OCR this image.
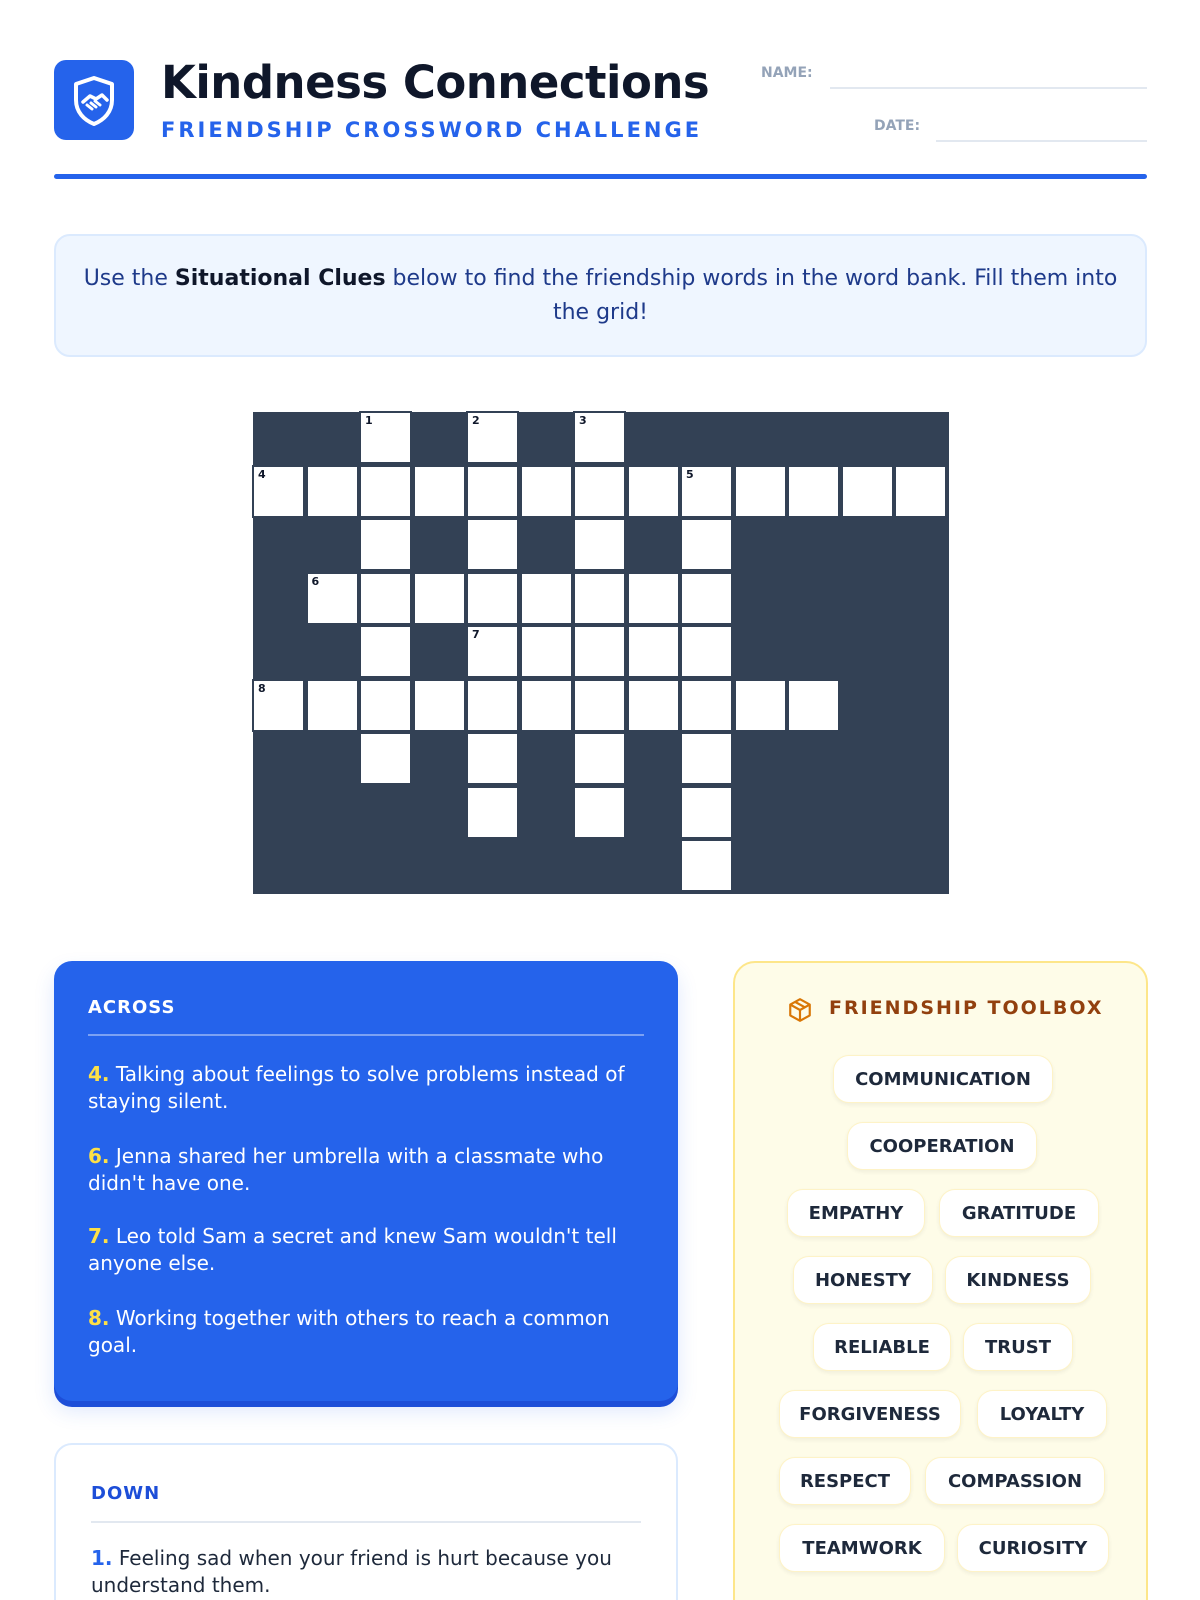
Kindness Connections
FRIENDSHIP CROSSWORD CHALLENGE
NAME:
DATE:
Use the Situational Clues below to find the friendship words in the word bank. Fill them into the grid!
1	2	3
4	5
6
7
8
ACROSS
4. Talking about feelings to solve problems instead of staying silent.
6. Jenna shared her umbrella with a classmate who didn't have one.
7. Leo told Sam a secret and knew Sam wouldn't tell anyone else.
8. Working together with others to reach a common goal.
DOWN
1. Feeling sad when your friend is hurt because you understand them.
FRIENDSHIP TOOLBOX
COMMUNICATION
COOPERATION
EMPATHY	GRATITUDE
HONESTY	KINDNESS
RELIABLE	TRUST
FORGIVENESS	LOYALTY
RESPECT	COMPASSION
TEAMWORK	CURIOSITY
